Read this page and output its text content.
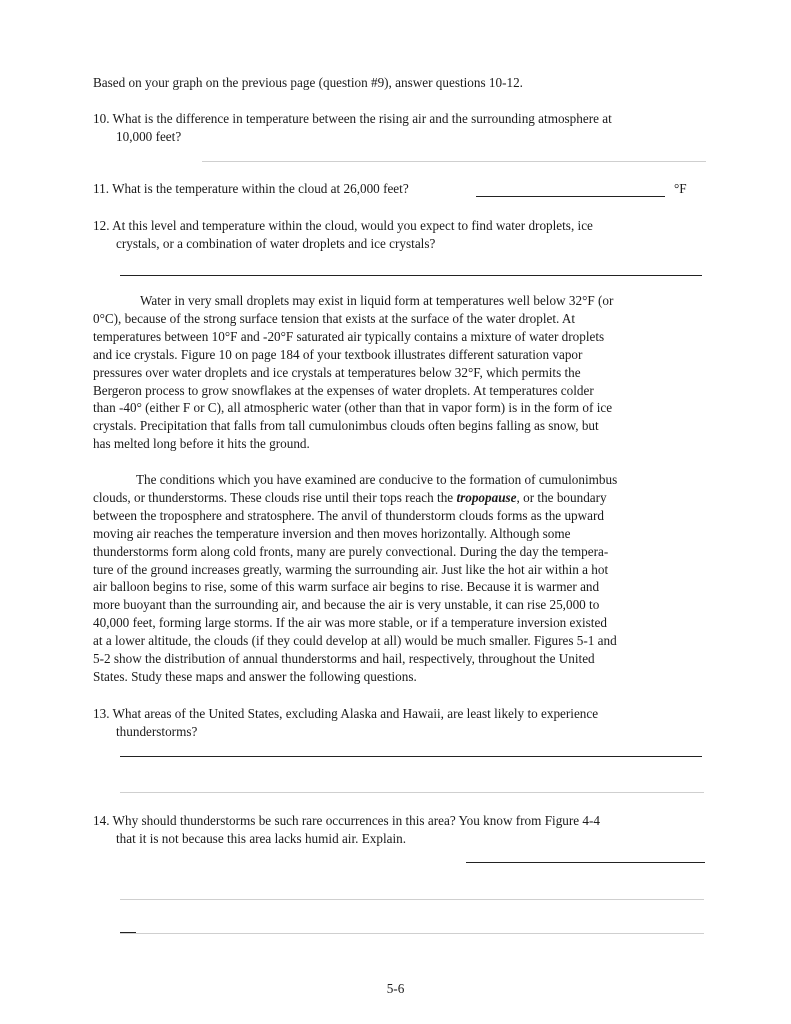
Based on your graph on the previous page (question #9), answer questions 10-12.

10. What is the difference in temperature between the rising air and the surrounding atmosphere at
10,000 feet?
11. What is the temperature within the cloud at 26,000 feet?	°F
12. At this level and temperature within the cloud, would you expect to find water droplets, ice
crystals, or a combination of water droplets and ice crystals?
Water in very small droplets may exist in liquid form at temperatures well below 32°F (or
0°C), because of the strong surface tension that exists at the surface of the water droplet. At
temperatures between 10°F and -20°F saturated air typically contains a mixture of water droplets
and ice crystals. Figure 10 on page 184 of your textbook illustrates different saturation vapor
pressures over water droplets and ice crystals at temperatures below 32°F, which permits the
Bergeron process to grow snowflakes at the expenses of water droplets. At temperatures colder
than -40° (either F or C), all atmospheric water (other than that in vapor form) is in the form of ice
crystals. Precipitation that falls from tall cumulonimbus clouds often begins falling as snow, but
has melted long before it hits the ground.
The conditions which you have examined are conducive to the formation of cumulonimbus
clouds, or thunderstorms. These clouds rise until their tops reach the tropopause, or the boundary
between the troposphere and stratosphere. The anvil of thunderstorm clouds forms as the upward
moving air reaches the temperature inversion and then moves horizontally. Although some
thunderstorms form along cold fronts, many are purely convectional. During the day the tempera-
ture of the ground increases greatly, warming the surrounding air. Just like the hot air within a hot
air balloon begins to rise, some of this warm surface air begins to rise. Because it is warmer and
more buoyant than the surrounding air, and because the air is very unstable, it can rise 25,000 to
40,000 feet, forming large storms. If the air was more stable, or if a temperature inversion existed
at a lower altitude, the clouds (if they could develop at all) would be much smaller. Figures 5-1 and
5-2 show the distribution of annual thunderstorms and hail, respectively, throughout the United
States. Study these maps and answer the following questions.
13. What areas of the United States, excluding Alaska and Hawaii, are least likely to experience
thunderstorms?
14. Why should thunderstorms be such rare occurrences in this area? You know from Figure 4-4
that it is not because this area lacks humid air. Explain.
5-6
